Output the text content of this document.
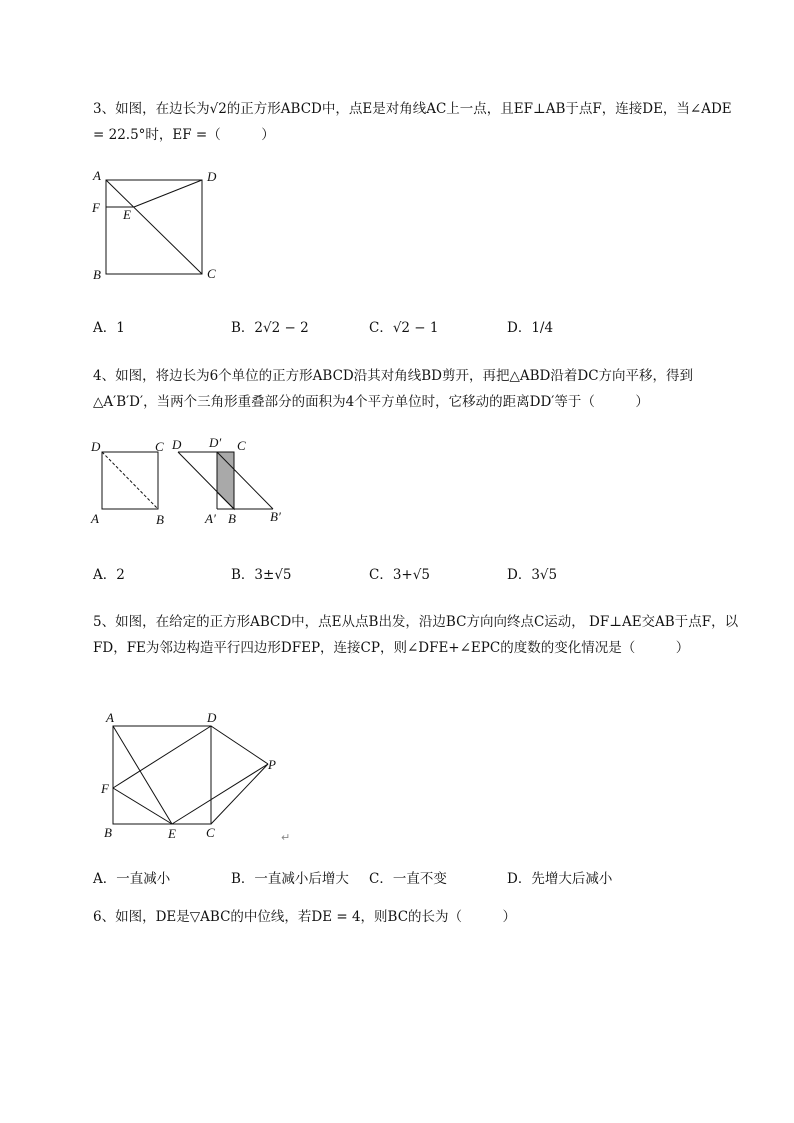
3、如图，在边长为√2的正方形ABCD中，点E是对角线AC上一点，且EF⊥AB于点F，连接DE，当∠ADE = 22.5°时，EF =（　　　）
A	D
F E
B	C
A．1	B．2√2 − 2	C．√2 − 1	D．1/4
4、如图，将边长为6个单位的正方形ABCD沿其对角线BD剪开，再把△ABD沿着DC方向平移，得到△A′B′D′，当两个三角形重叠部分的面积为4个平方单位时，它移动的距离DD′等于（　　　）
D	C
A	B
D D′ C
A′ B	B′
A．2	B．3±√5	C．3+√5	D．3√5
5、如图，在给定的正方形ABCD中，点E从点B出发，沿边BC方向向终点C运动， DF⊥AE交AB于点F，以FD，FE为邻边构造平行四边形DFEP，连接CP，则∠DFE+∠EPC的度数的变化情况是（　　　）
A	D
P
F
B	E C	↵
A．一直减小	B．一直减小后增大 C．一直不变	D．先增大后减小
6、如图，DE是▽ABC的中位线，若DE = 4，则BC的长为（　　　）
